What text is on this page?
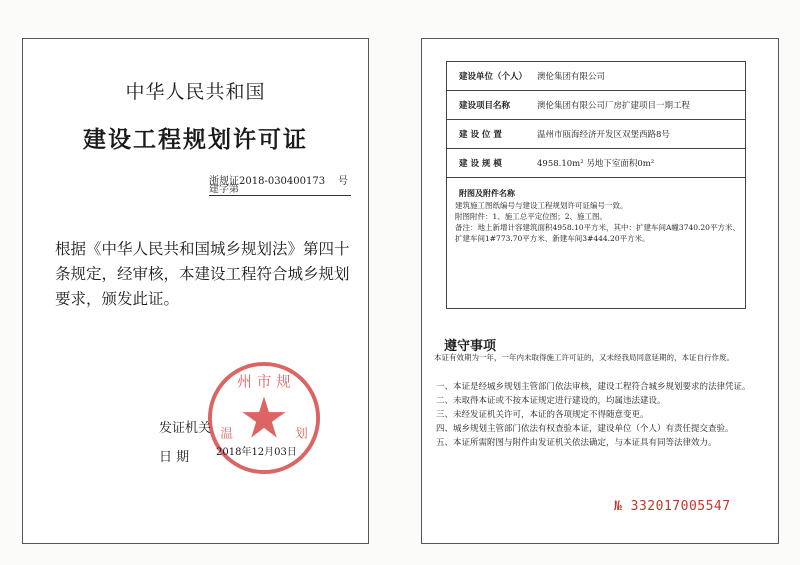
中华人民共和国
建设工程规划许可证
浙规证2018-030400173
建字第
号
根据《中华人民共和国城乡规划法》第四十条规定，经审核，本建设工程符合城乡规划要求，颁发此证。
州 市 规
温	划
发证机关
日 期	2018年12月03日
建设单位（个人） 澳伦集团有限公司
建设项目名称	澳伦集团有限公司厂房扩建项目一期工程
建 设 位 置	温州市瓯海经济开发区双堡西路8号
建 设 规 模	4958.10m² 另地下室面积0m²
附图及附件名称
建筑施工图纸编号与建设工程规划许可证编号一致。
附图附件：1、施工总平定位图；2、施工图。
备注：地上新增计容建筑面积4958.10平方米，其中：扩建车间A幢3740.20平方米、扩建车间1#773.70平方米、新建车间3#444.20平方米。
遵守事项
本证有效期为一年，一年内未取得施工许可证的，又未经我局同意延期的，本证自行作废。
一、本证是经城乡规划主管部门依法审核，建设工程符合城乡规划要求的法律凭证。
二、未取得本证或不按本证规定进行建设的，均属违法建设。
三、未经发证机关许可，本证的各项规定不得随意变更。
四、城乡规划主管部门依法有权查验本证，建设单位（个人）有责任提交查验。
五、本证所需附图与附件由发证机关依法确定，与本证具有同等法律效力。
№ 332017005547
